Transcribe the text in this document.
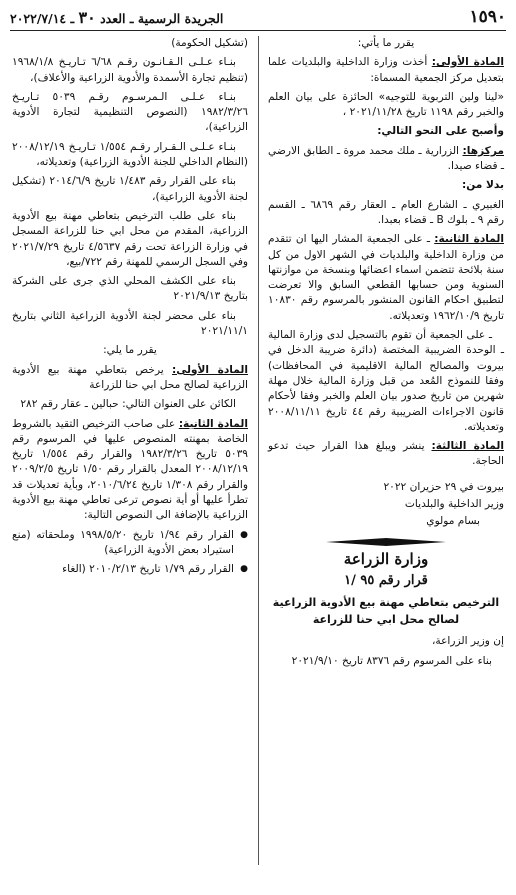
١٥٩٠
الجريدة الرسمية ـ العدد ٣٠ ـ ٢٠٢٢/٧/١٤

يقرر ما يأتي:

المادة الأولى: أخذت وزارة الداخلية والبلديات علما بتعديل مركز الجمعية المسماة:

«لينا ولين التربوية للتوجيه» الحائزة على بيان العلم والخبر رقم ١١٩٨ تاريخ ٢٠٢١/١١/٢٨ ،

وأصبح على النحو التالي:

مركزها: الزرارية ـ ملك محمد مروة ـ الطابق الارضي ـ قضاء صيدا.

بدلا من:

الغبيري ـ الشارع العام ـ العقار رقم ٦٨٦٩ ـ القسم رقم ٩ ـ بلوك B ـ قضاء بعبدا.

المادة الثانية: ـ على الجمعية المشار اليها ان تتقدم من وزارة الداخلية والبلديات في الشهر الاول من كل سنة بلائحة تتضمن اسماء اعضائها وبنسخة من موازنتها السنوية ومن حسابها القطعي السابق والا تعرضت لتطبيق احكام القانون المنشور بالمرسوم رقم ١٠٨٣٠ تاريخ ١٩٦٢/١٠/٩ وتعديلاته.

ـ على الجمعية أن تقوم بالتسجيل لدى وزارة المالية ـ الوحدة الضريبية المختصة (دائرة ضريبة الدخل في بيروت والمصالح المالية الاقليمية في المحافظات) وفقا للنموذج المُعد من قبل وزارة المالية خلال مهلة شهرين من تاريخ صدور بيان العلم والخبر وفقا لأحكام قانون الاجراءات الضريبية رقم ٤٤ تاريخ ٢٠٠٨/١١/١١ وتعديلاته.

المادة الثالثة: ينشر ويبلغ هذا القرار حيث تدعو الحاجة.

بيروت في ٢٩ حزيران ٢٠٢٢

وزير الداخلية والبلديات

بسام مولوي

وزارة الزراعة
قرار رقم ٩٥ /١
الترخيص بتعاطي مهنة بيع الأدوية الزراعية
لصالح محل ابي حنا للزراعة

إن وزير الزراعة،

بناء على المرسوم رقم ٨٣٧٦ تاريخ ٢٠٢١/٩/١٠

(تشكيل الحكومة)

بنـاء عـلـى الـقـانـون رقـم ٦/٦٨ تـاريـخ ١٩٦٨/١/٨ (تنظيم تجارة الأسمدة والأدوية الزراعية والأعلاف)،

بنـاء عـلـى الـمرسـوم رقـم ٥٠٣٩ تـاريـخ ١٩٨٢/٣/٢٦ (النصوص التنظيمية لتجارة الأدوية الزراعية)،

بنـاء عـلـى الـقـرار رقـم ١/٥٥٤ تـاريـخ ٢٠٠٨/١٢/١٩ (النظام الداخلي للجنة الأدوية الزراعية) وتعديلاته،

بناء على القرار رقم ١/٤٨٣ تاريخ ٢٠١٤/٦/٩ (تشكيل لجنة الأدوية الزراعية)،

بناء على طلب الترخيص بتعاطي مهنة بيع الأدوية الزراعية، المقدم من محل ابي حنا للزراعة المسجل في وزارة الزراعة تحت رقم ٤/٥٦٣٧ تاريخ ٢٠٢١/٧/٢٩ وفي السجل الرسمي للمهنة رقم ٧٢٢/بيع،

بناء على الكشف المحلي الذي جرى على الشركة بتاريخ ٢٠٢١/٩/١٣

بناء على محضر لجنة الأدوية الزراعية الثاني بتاريخ ٢٠٢١/١١/١

يقرر ما يلي:

المادة الأولى: يرخص بتعاطي مهنة بيع الأدوية الزراعية لصالح محل ابي حنا للزراعة

الكائن على العنوان التالي: حبالين ـ عقار رقم ٢٨٢

المادة الثانية: على صاحب الترخيص التقيد بالشروط الخاصة بمهنته المنصوص عليها في المرسوم رقم ٥٠٣٩ تاريخ ١٩٨٢/٣/٢٦ والقرار رقم ١/٥٥٤ تاريخ ٢٠٠٨/١٢/١٩ المعدل بالقرار رقم ١/٥٠ تاريخ ٢٠٠٩/٢/٥ والقرار رقم ١/٣٠٨ تاريخ ٢٠١٠/٦/٢٤، وبأية تعديلات قد تطرأ عليها أو أية نصوص ترعى تعاطي مهنة بيع الأدوية الزراعية بالإضافة الى النصوص التالية:

● القرار رقم ١/٩٤ تاريخ ١٩٩٨/٥/٢٠ وملحقاته (منع استيراد بعض الأدوية الزراعية)

● القرار رقم ١/٧٩ تاريخ ٢٠١٠/٢/١٣ (الغاء
